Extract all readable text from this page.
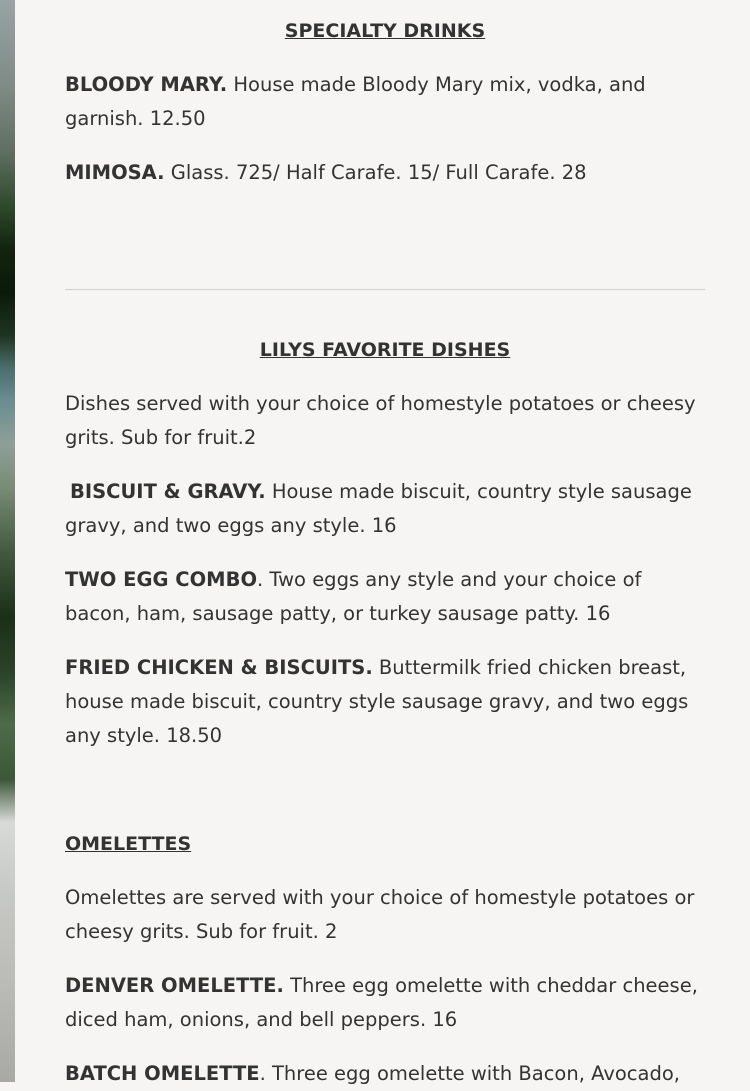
SPECIALTY DRINKS

BLOODY MARY. House made Bloody Mary mix, vodka, and garnish. 12.50

MIMOSA. Glass. 725/ Half Carafe. 15/ Full Carafe. 28

LILYS FAVORITE DISHES

Dishes served with your choice of homestyle potatoes or cheesy grits. Sub for fruit.2

BISCUIT & GRAVY. House made biscuit, country style sausage gravy, and two eggs any style. 16

TWO EGG COMBO. Two eggs any style and your choice of bacon, ham, sausage patty, or turkey sausage patty. 16

FRIED CHICKEN & BISCUITS. Buttermilk fried chicken breast, house made biscuit, country style sausage gravy, and two eggs any style. 18.50

OMELETTES

Omelettes are served with your choice of homestyle potatoes or cheesy grits. Sub for fruit. 2

DENVER OMELETTE. Three egg omelette with cheddar cheese, diced ham, onions, and bell peppers. 16

BATCH OMELETTE. Three egg omelette with Bacon, Avocado,
